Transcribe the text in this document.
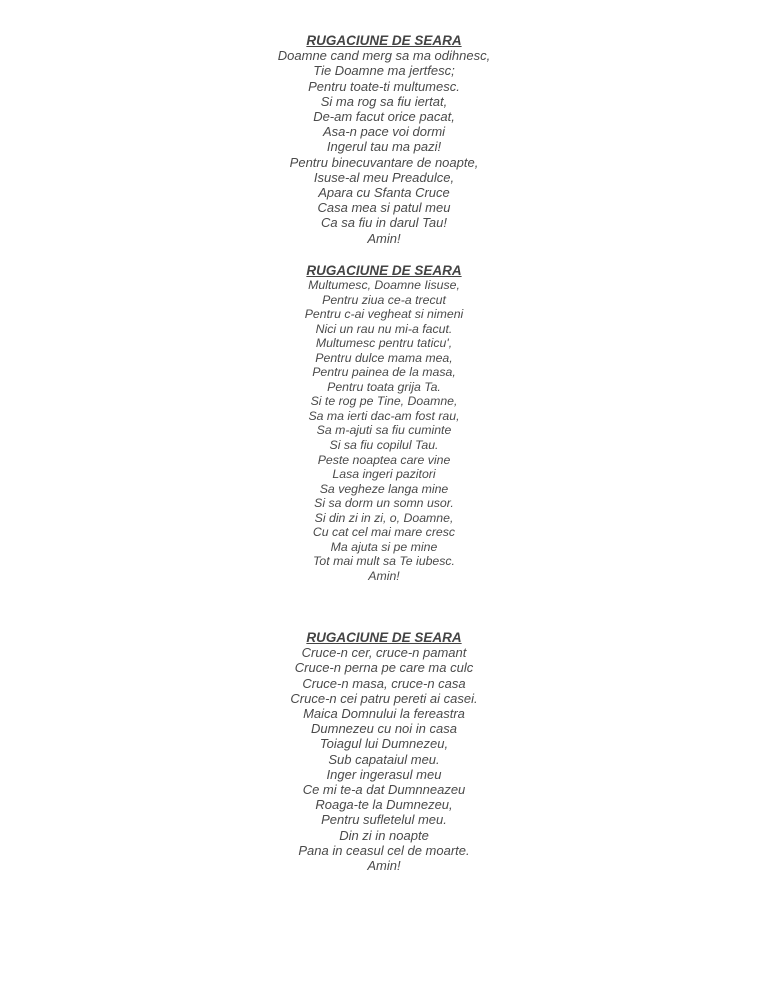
RUGACIUNE DE SEARA
Doamne cand merg sa ma odihnesc,
Tie Doamne ma jertfesc;
Pentru toate-ti multumesc.
Si ma rog sa fiu iertat,
De-am facut orice pacat,
Asa-n pace voi dormi
Ingerul tau ma pazi!
Pentru binecuvantare de noapte,
Isuse-al meu Preadulce,
Apara cu Sfanta Cruce
Casa mea si patul meu
Ca sa fiu in darul Tau!
Amin!
RUGACIUNE DE SEARA
Multumesc, Doamne Iisuse,
Pentru ziua ce-a trecut
Pentru c-ai vegheat si nimeni
Nici un rau nu mi-a facut.
Multumesc pentru taticu',
Pentru dulce mama mea,
Pentru painea de la masa,
Pentru toata grija Ta.
Si te rog pe Tine, Doamne,
Sa ma ierti dac-am fost rau,
Sa m-ajuti sa fiu cuminte
Si sa fiu copilul Tau.
Peste noaptea care vine
Lasa ingeri pazitori
Sa vegheze langa mine
Si sa dorm un somn usor.
Si din zi in zi, o, Doamne,
Cu cat cel mai mare cresc
Ma ajuta si pe mine
Tot mai mult sa Te iubesc.
Amin!
RUGACIUNE DE SEARA
Cruce-n cer, cruce-n pamant
Cruce-n perna pe care ma culc
Cruce-n masa, cruce-n casa
Cruce-n cei patru pereti ai casei.
Maica Domnului la fereastra
Dumnezeu cu noi in casa
Toiagul lui Dumnezeu,
Sub capataiul meu.
Inger ingerasul meu
Ce mi te-a dat Dumnneazeu
Roaga-te la Dumnezeu,
Pentru sufletelul meu.
Din zi in noapte
Pana in ceasul cel de moarte.
Amin!
